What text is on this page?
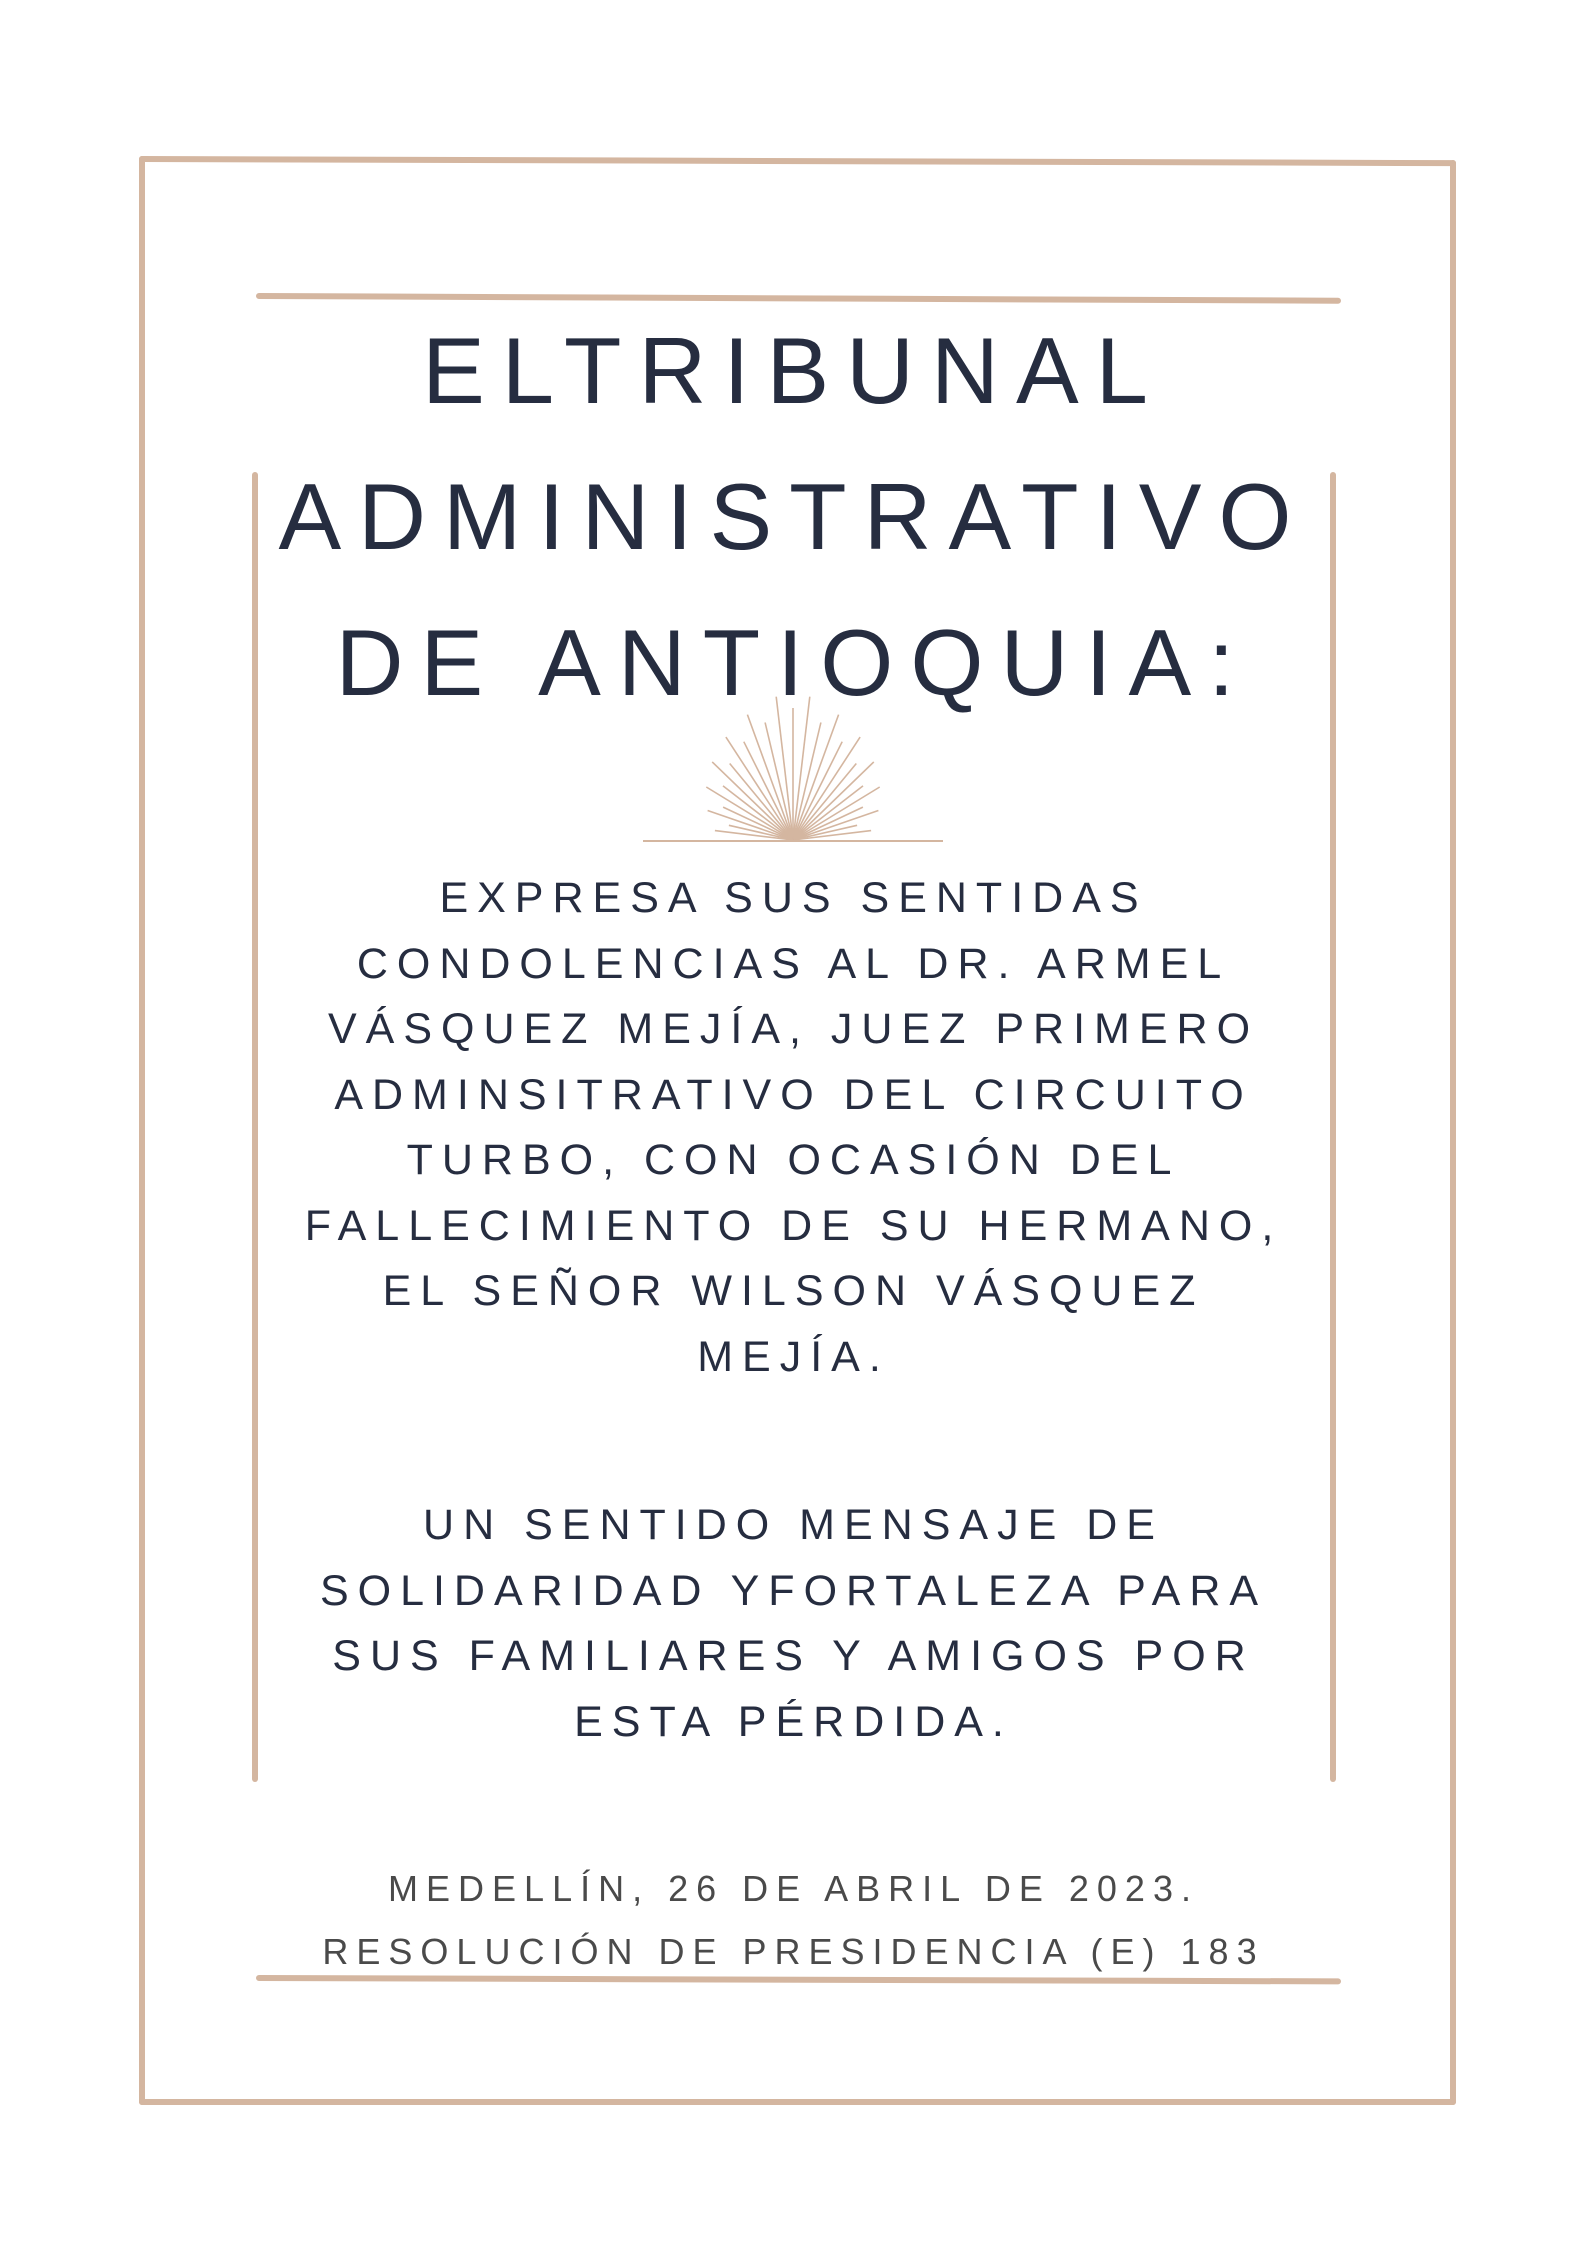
ELTRIBUNAL
ADMINISTRATIVO
DE ANTIOQUIA:
EXPRESA SUS SENTIDAS
CONDOLENCIAS AL DR. ARMEL
VÁSQUEZ MEJÍA, JUEZ PRIMERO
ADMINSITRATIVO DEL CIRCUITO
TURBO, CON OCASIÓN DEL
FALLECIMIENTO DE SU HERMANO,
EL SEÑOR WILSON VÁSQUEZ
MEJÍA.
UN SENTIDO MENSAJE DE
SOLIDARIDAD YFORTALEZA PARA
SUS FAMILIARES Y AMIGOS POR
ESTA PÉRDIDA.
MEDELLÍN, 26 DE ABRIL DE 2023.
RESOLUCIÓN DE PRESIDENCIA (E) 183
